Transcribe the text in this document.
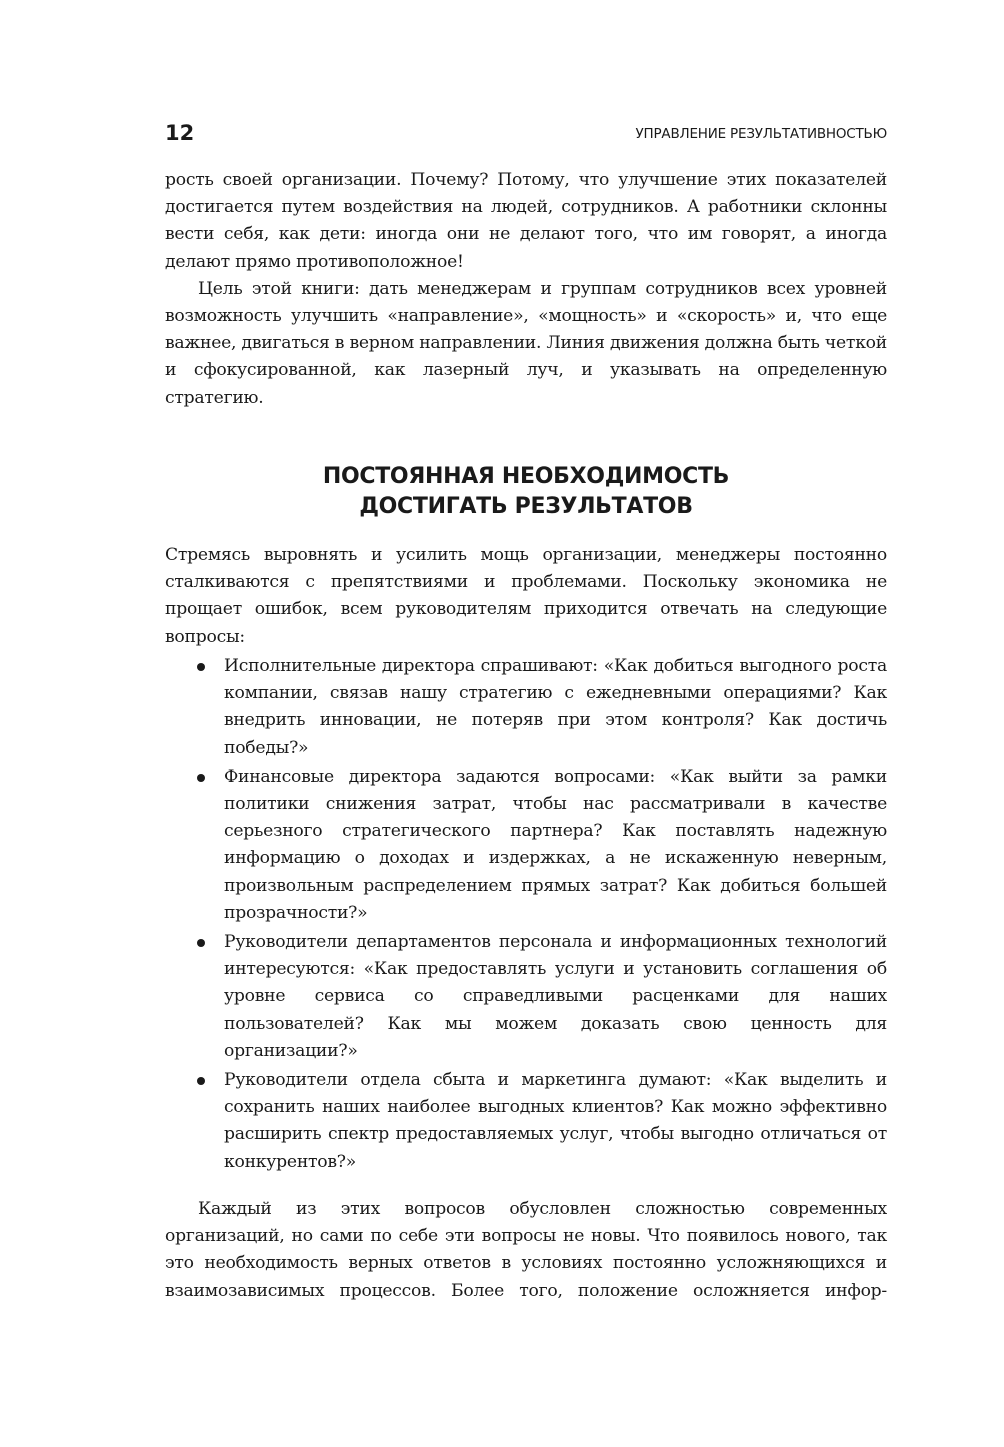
12	УПРАВЛЕНИЕ РЕЗУЛЬТАТИВНОСТЬЮ

рость своей организации. Почему? Потому, что улучшение этих показателей достигается путем воздействия на людей, сотрудников. А работники склонны вести себя, как дети: иногда они не делают того, что им говорят, а иногда делают прямо противоположное!

Цель этой книги: дать менеджерам и группам сотрудников всех уровней возможность улучшить «направление», «мощность» и «скорость» и, что еще важнее, двигаться в верном направлении. Линия движения должна быть четкой и сфокусированной, как лазерный луч, и указывать на определенную стратегию.

ПОСТОЯННАЯ НЕОБХОДИМОСТЬ
ДОСТИГАТЬ РЕЗУЛЬТАТОВ

Стремясь выровнять и усилить мощь организации, менеджеры постоянно сталкиваются с препятствиями и проблемами. Поскольку экономика не прощает ошибок, всем руководителям приходится отвечать на следующие вопросы:

Исполнительные директора спрашивают: «Как добиться выгодного роста компании, связав нашу стратегию с ежедневными операциями? Как внедрить инновации, не потеряв при этом контроля? Как достичь победы?»
Финансовые директора задаются вопросами: «Как выйти за рамки политики снижения затрат, чтобы нас рассматривали в качестве серьезного стратегического партнера? Как поставлять надежную информацию о доходах и издержках, а не искаженную неверным, произвольным распределением прямых затрат? Как добиться большей прозрачности?»
Руководители департаментов персонала и информационных технологий интересуются: «Как предоставлять услуги и установить соглашения об уровне сервиса со справедливыми расценками для наших пользователей? Как мы можем доказать свою ценность для организации?»
Руководители отдела сбыта и маркетинга думают: «Как выделить и сохранить наших наиболее выгодных клиентов? Как можно эффективно расширить спектр предоставляемых услуг, чтобы выгодно отличаться от конкурентов?»

Каждый из этих вопросов обусловлен сложностью современных организаций, но сами по себе эти вопросы не новы. Что появилось нового, так это необходимость верных ответов в условиях постоянно усложняющихся и взаимозависимых процессов. Более того, положение осложняется инфор-
